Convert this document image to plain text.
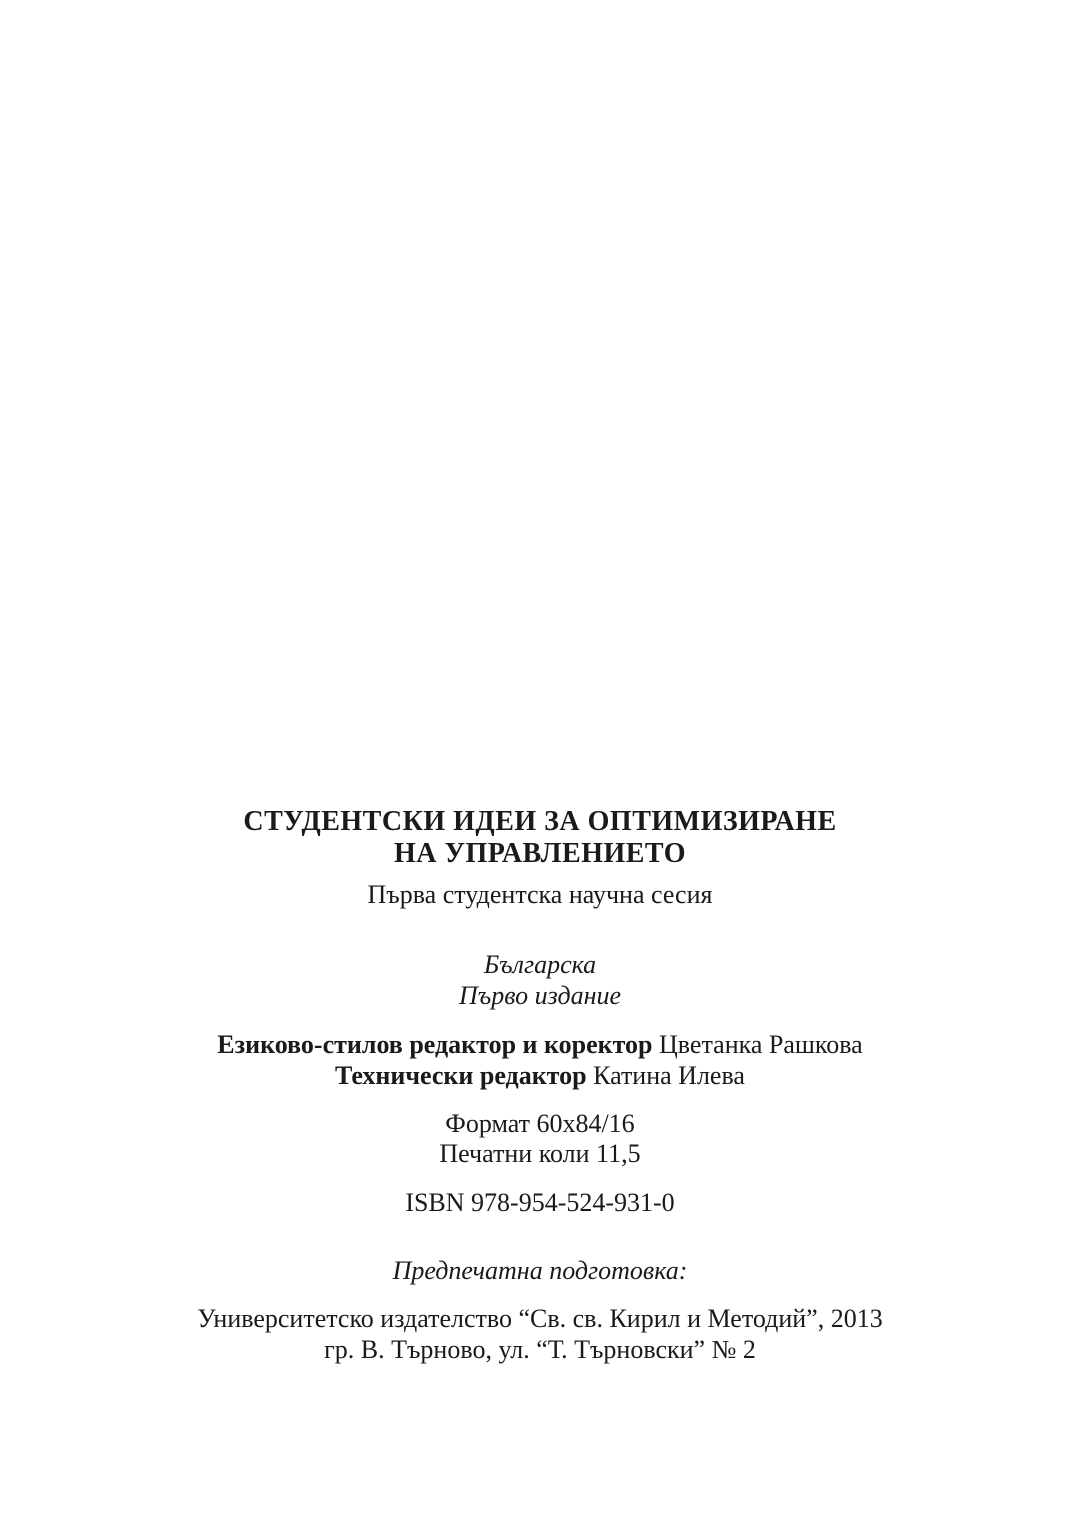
СТУДЕНТСКИ ИДЕИ ЗА ОПТИМИЗИРАНЕ
НА УПРАВЛЕНИЕТО
Първа студентска научна сесия
Българска
Първо издание
Езиково-стилов редактор и коректор Цветанка Рашкова
Технически редактор Катина Илева
Формат 60x84/16
Печатни коли 11,5
ISBN 978-954-524-931-0
Предпечатна подготовка:
Университетско издателство “Св. св. Кирил и Методий”, 2013
гр. В. Търново, ул. “Т. Търновски” № 2
